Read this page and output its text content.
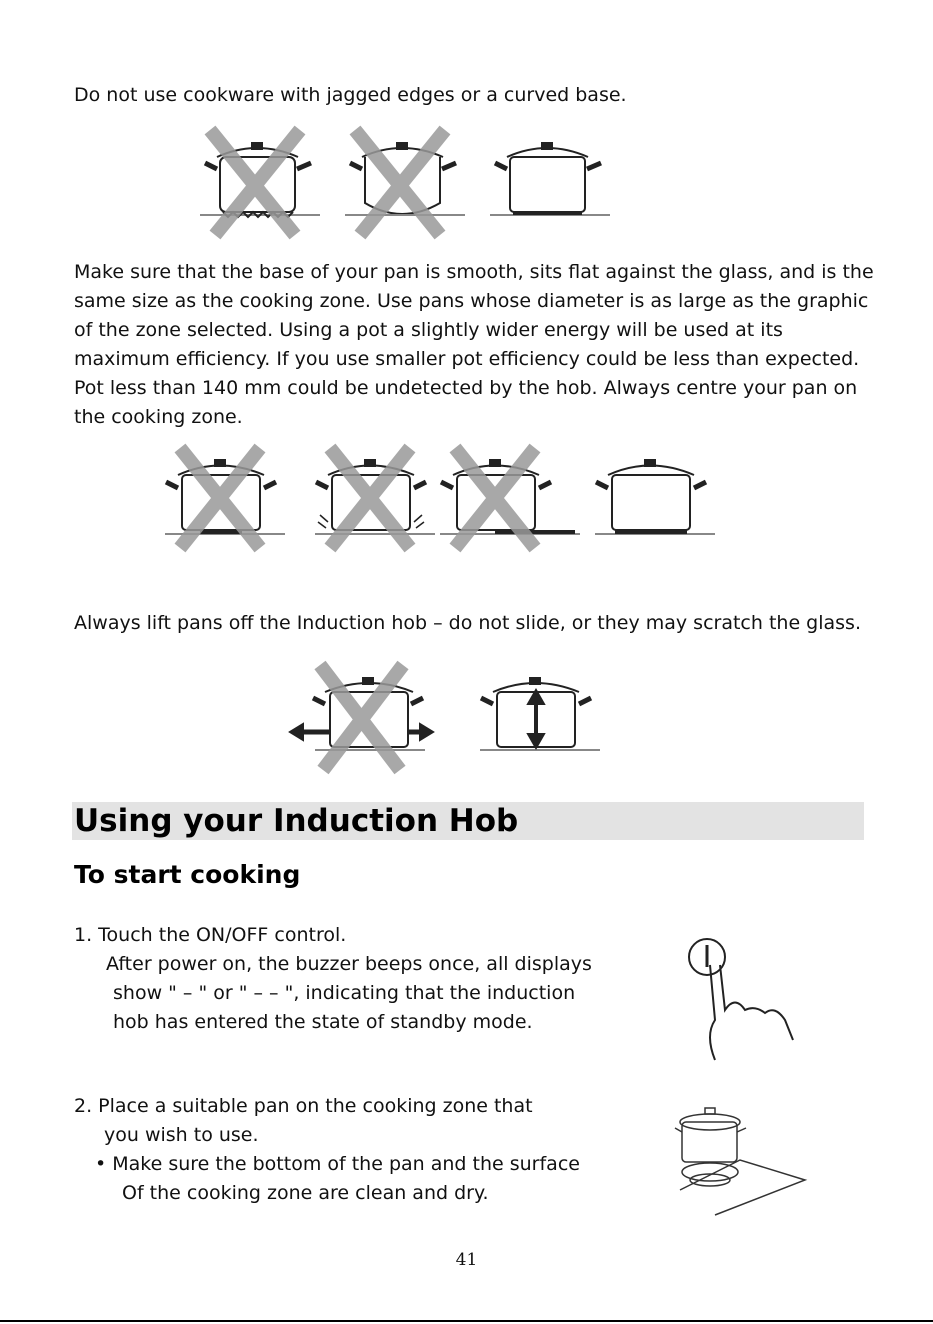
Do not use cookware with jagged edges or a curved base.

Make sure that the base of your pan is smooth, sits flat against the glass, and is the same size as the cooking zone. Use pans whose diameter is as large as the graphic of the zone selected. Using a pot a slightly wider energy will be used at its maximum efficiency. If you use smaller pot efficiency could be less than expected. Pot less than 140 mm could be undetected by the hob. Always centre your pan on the cooking zone.

Always lift pans off the Induction hob – do not slide, or they may scratch the glass.

Using your Induction Hob
To start cooking

1. Touch the ON/OFF control.

After power on, the buzzer beeps once, all displays

show " – " or " – – ", indicating that the induction

hob has entered the state of standby mode.

2. Place a suitable pan on the cooking zone that

you wish to use.

• Make sure the bottom of the pan and the surface

Of the cooking zone are clean and dry.

41
